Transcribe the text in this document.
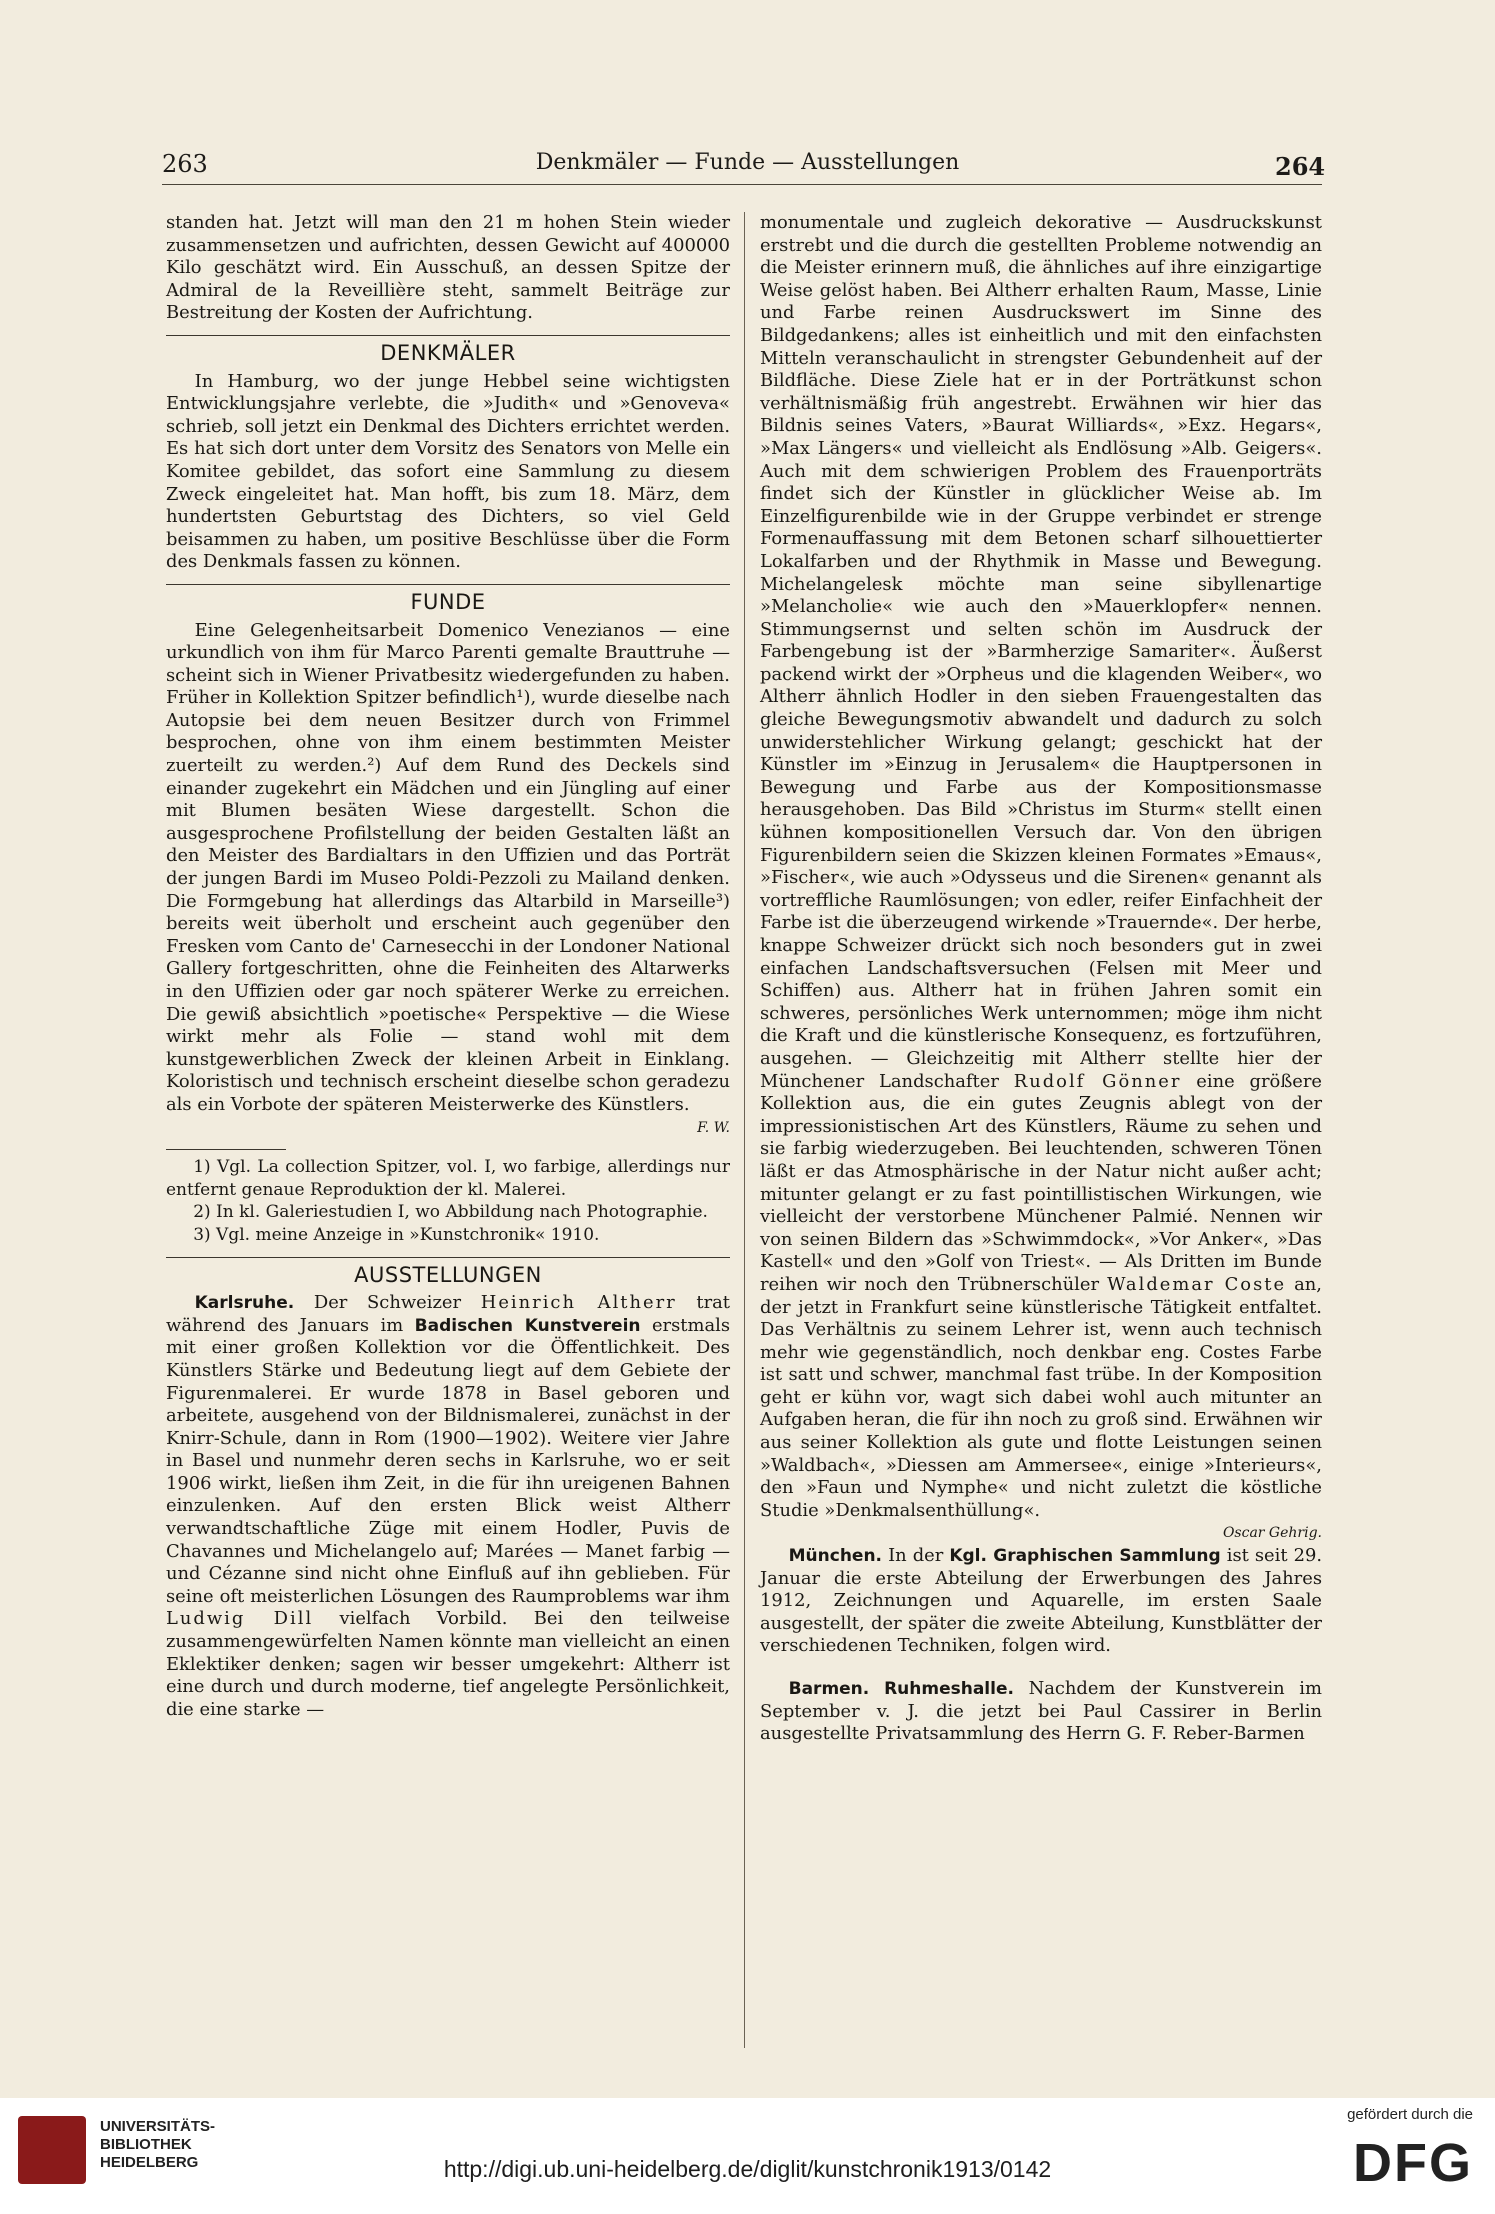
263	Denkmäler — Funde — Ausstellungen	264

standen hat. Jetzt will man den 21 m hohen Stein wieder zusammensetzen und aufrichten, dessen Gewicht auf 400000 Kilo geschätzt wird. Ein Ausschuß, an dessen Spitze der Admiral de la Reveillière steht, sammelt Beiträge zur Bestreitung der Kosten der Aufrichtung.

DENKMÄLER

In Hamburg, wo der junge Hebbel seine wichtigsten Entwicklungsjahre verlebte, die »Judith« und »Genoveva« schrieb, soll jetzt ein Denkmal des Dichters errichtet werden. Es hat sich dort unter dem Vorsitz des Senators von Melle ein Komitee gebildet, das sofort eine Sammlung zu diesem Zweck eingeleitet hat. Man hofft, bis zum 18. März, dem hundertsten Geburtstag des Dichters, so viel Geld beisammen zu haben, um positive Beschlüsse über die Form des Denkmals fassen zu können.

FUNDE

Eine Gelegenheitsarbeit Domenico Venezianos — eine urkundlich von ihm für Marco Parenti gemalte Brauttruhe — scheint sich in Wiener Privatbesitz wiedergefunden zu haben. Früher in Kollektion Spitzer befindlich¹), wurde dieselbe nach Autopsie bei dem neuen Besitzer durch von Frimmel besprochen, ohne von ihm einem bestimmten Meister zuerteilt zu werden.²) Auf dem Rund des Deckels sind einander zugekehrt ein Mädchen und ein Jüngling auf einer mit Blumen besäten Wiese dargestellt. Schon die ausgesprochene Profilstellung der beiden Gestalten läßt an den Meister des Bardialtars in den Uffizien und das Porträt der jungen Bardi im Museo Poldi-Pezzoli zu Mailand denken. Die Formgebung hat allerdings das Altarbild in Marseille³) bereits weit überholt und erscheint auch gegenüber den Fresken vom Canto de' Carnesecchi in der Londoner National Gallery fortgeschritten, ohne die Feinheiten des Altarwerks in den Uffizien oder gar noch späterer Werke zu erreichen. Die gewiß absichtlich »poetische« Perspektive — die Wiese wirkt mehr als Folie — stand wohl mit dem kunstgewerblichen Zweck der kleinen Arbeit in Einklang. Koloristisch und technisch erscheint dieselbe schon geradezu als ein Vorbote der späteren Meisterwerke des Künstlers.

F. W.

1) Vgl. La collection Spitzer, vol. I, wo farbige, allerdings nur entfernt genaue Reproduktion der kl. Malerei.

2) In kl. Galeriestudien I, wo Abbildung nach Photographie.

3) Vgl. meine Anzeige in »Kunstchronik« 1910.

AUSSTELLUNGEN

Karlsruhe. Der Schweizer Heinrich Altherr trat während des Januars im Badischen Kunstverein erstmals mit einer großen Kollektion vor die Öffentlichkeit. Des Künstlers Stärke und Bedeutung liegt auf dem Gebiete der Figurenmalerei. Er wurde 1878 in Basel geboren und arbeitete, ausgehend von der Bildnismalerei, zunächst in der Knirr-Schule, dann in Rom (1900—1902). Weitere vier Jahre in Basel und nunmehr deren sechs in Karlsruhe, wo er seit 1906 wirkt, ließen ihm Zeit, in die für ihn ureigenen Bahnen einzulenken. Auf den ersten Blick weist Altherr verwandtschaftliche Züge mit einem Hodler, Puvis de Chavannes und Michelangelo auf; Marées — Manet farbig — und Cézanne sind nicht ohne Einfluß auf ihn geblieben. Für seine oft meisterlichen Lösungen des Raumproblems war ihm Ludwig Dill vielfach Vorbild. Bei den teilweise zusammengewürfelten Namen könnte man vielleicht an einen Eklektiker denken; sagen wir besser umgekehrt: Altherr ist eine durch und durch moderne, tief angelegte Persönlichkeit, die eine starke —

monumentale und zugleich dekorative — Ausdruckskunst erstrebt und die durch die gestellten Probleme notwendig an die Meister erinnern muß, die ähnliches auf ihre einzigartige Weise gelöst haben. Bei Altherr erhalten Raum, Masse, Linie und Farbe reinen Ausdruckswert im Sinne des Bildgedankens; alles ist einheitlich und mit den einfachsten Mitteln veranschaulicht in strengster Gebundenheit auf der Bildfläche. Diese Ziele hat er in der Porträtkunst schon verhältnismäßig früh angestrebt. Erwähnen wir hier das Bildnis seines Vaters, »Baurat Williards«, »Exz. Hegars«, »Max Längers« und vielleicht als Endlösung »Alb. Geigers«. Auch mit dem schwierigen Problem des Frauenporträts findet sich der Künstler in glücklicher Weise ab. Im Einzelfigurenbilde wie in der Gruppe verbindet er strenge Formenauffassung mit dem Betonen scharf silhouettierter Lokalfarben und der Rhythmik in Masse und Bewegung. Michelangelesk möchte man seine sibyllenartige »Melancholie« wie auch den »Mauerklopfer« nennen. Stimmungsernst und selten schön im Ausdruck der Farbengebung ist der »Barmherzige Samariter«. Äußerst packend wirkt der »Orpheus und die klagenden Weiber«, wo Altherr ähnlich Hodler in den sieben Frauengestalten das gleiche Bewegungsmotiv abwandelt und dadurch zu solch unwiderstehlicher Wirkung gelangt; geschickt hat der Künstler im »Einzug in Jerusalem« die Hauptpersonen in Bewegung und Farbe aus der Kompositionsmasse herausgehoben. Das Bild »Christus im Sturm« stellt einen kühnen kompositionellen Versuch dar. Von den übrigen Figurenbildern seien die Skizzen kleinen Formates »Emaus«, »Fischer«, wie auch »Odysseus und die Sirenen« genannt als vortreffliche Raumlösungen; von edler, reifer Einfachheit der Farbe ist die überzeugend wirkende »Trauernde«. Der herbe, knappe Schweizer drückt sich noch besonders gut in zwei einfachen Landschaftsversuchen (Felsen mit Meer und Schiffen) aus. Altherr hat in frühen Jahren somit ein schweres, persönliches Werk unternommen; möge ihm nicht die Kraft und die künstlerische Konsequenz, es fortzuführen, ausgehen. — Gleichzeitig mit Altherr stellte hier der Münchener Landschafter Rudolf Gönner eine größere Kollektion aus, die ein gutes Zeugnis ablegt von der impressionistischen Art des Künstlers, Räume zu sehen und sie farbig wiederzugeben. Bei leuchtenden, schweren Tönen läßt er das Atmosphärische in der Natur nicht außer acht; mitunter gelangt er zu fast pointillistischen Wirkungen, wie vielleicht der verstorbene Münchener Palmié. Nennen wir von seinen Bildern das »Schwimmdock«, »Vor Anker«, »Das Kastell« und den »Golf von Triest«. — Als Dritten im Bunde reihen wir noch den Trübnerschüler Waldemar Coste an, der jetzt in Frankfurt seine künstlerische Tätigkeit entfaltet. Das Verhältnis zu seinem Lehrer ist, wenn auch technisch mehr wie gegenständlich, noch denkbar eng. Costes Farbe ist satt und schwer, manchmal fast trübe. In der Komposition geht er kühn vor, wagt sich dabei wohl auch mitunter an Aufgaben heran, die für ihn noch zu groß sind. Erwähnen wir aus seiner Kollektion als gute und flotte Leistungen seinen »Waldbach«, »Diessen am Ammersee«, einige »Interieurs«, den »Faun und Nymphe« und nicht zuletzt die köstliche Studie »Denkmalsenthüllung«.

Oscar Gehrig.

München. In der Kgl. Graphischen Sammlung ist seit 29. Januar die erste Abteilung der Erwerbungen des Jahres 1912, Zeichnungen und Aquarelle, im ersten Saale ausgestellt, der später die zweite Abteilung, Kunstblätter der verschiedenen Techniken, folgen wird.

Barmen. Ruhmeshalle. Nachdem der Kunstverein im September v. J. die jetzt bei Paul Cassirer in Berlin ausgestellte Privatsammlung des Herrn G. F. Reber-Barmen

UNIVERSITÄTS-
BIBLIOTHEK
HEIDELBERG	http://digi.ub.uni-heidelberg.de/diglit/kunstchronik1913/0142
gefördert durch die
DFG
